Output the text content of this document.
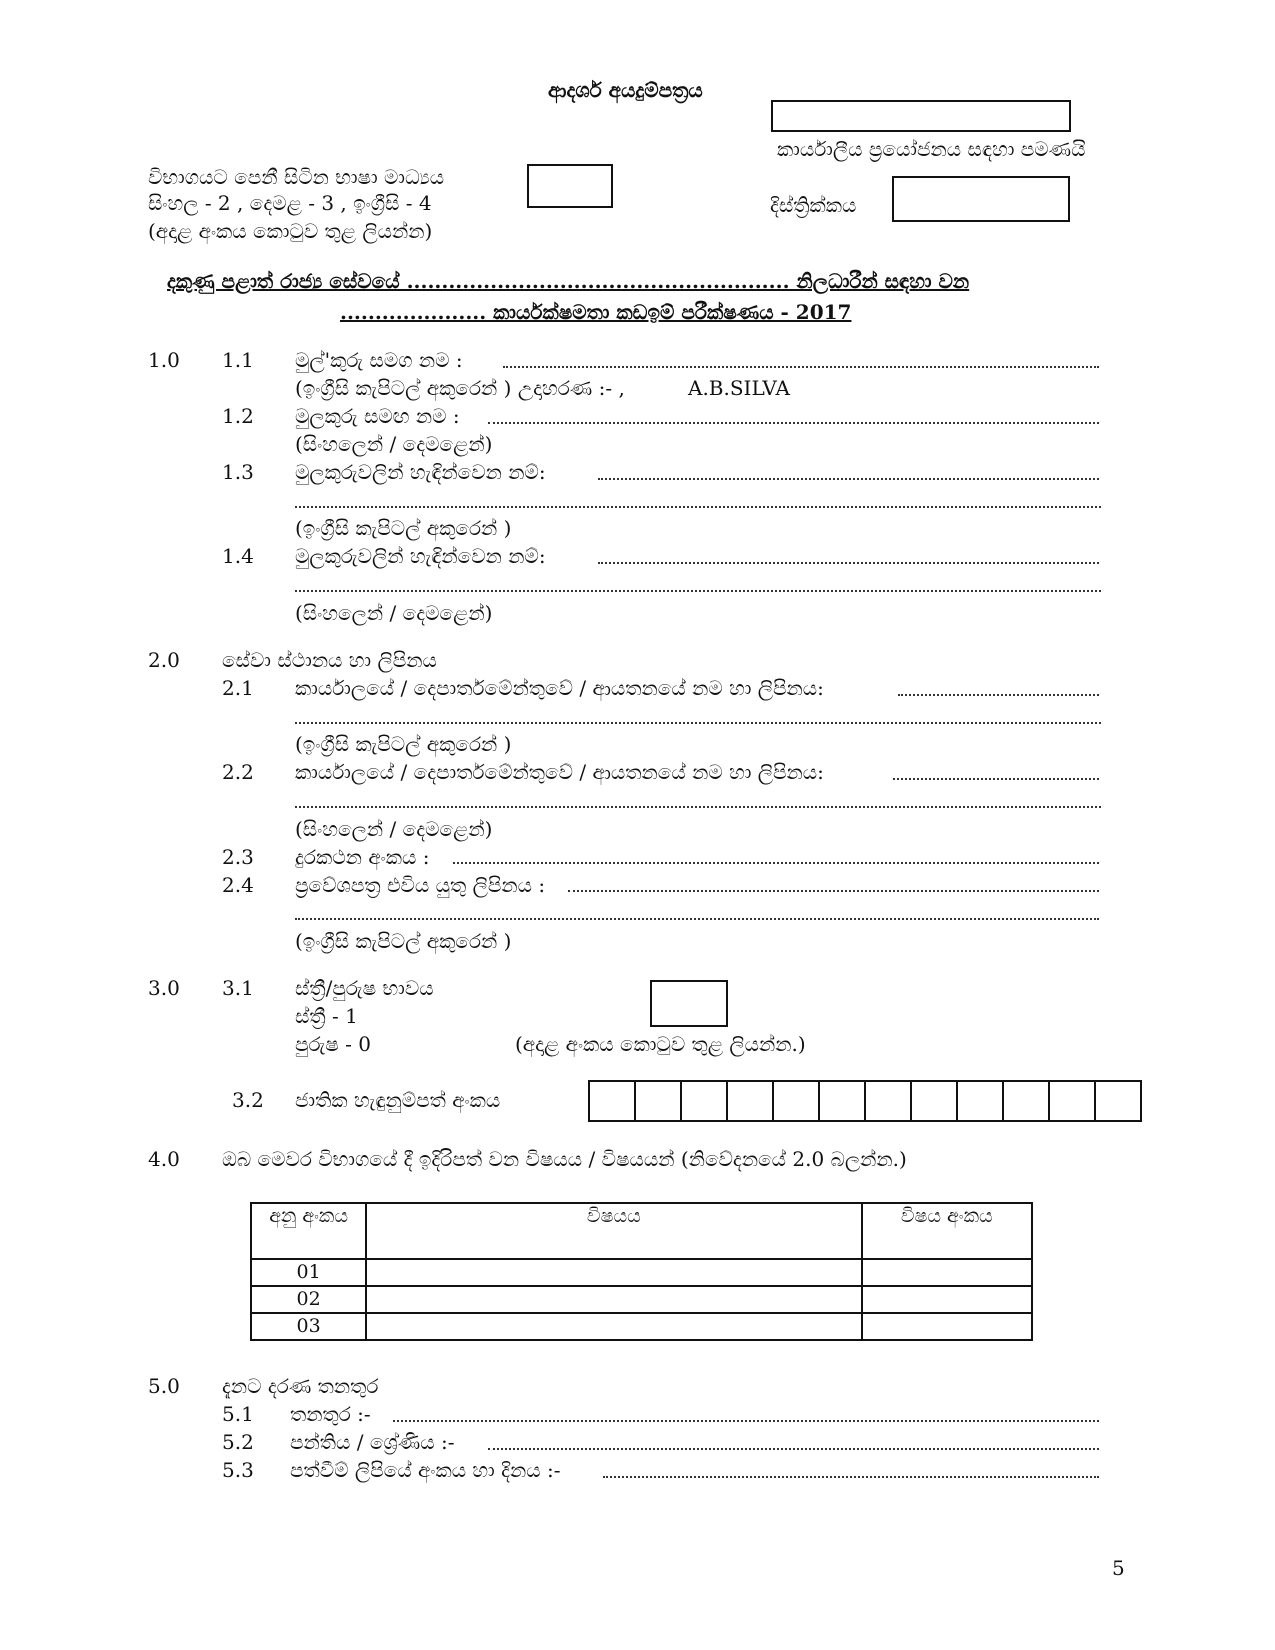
ආදර්ශ අයදුම්පත්‍රය
කාර්යාලීය ප්‍රයෝජනය සඳහා පමණයි
විභාගයට පෙනී සිටින භාෂා මාධ්‍යය
සිංහල - 2 , දෙමළ - 3 , ඉංග්‍රීසි - 4
(අදාළ අංකය කොටුව තුළ ලියන්න)
දිස්ත්‍රික්කය
දකුණු පළාත් රාජ්‍ය සේවයේ ....................................................... නිලධාරීන් සඳහා වන
..................... කාර්යක්ෂමතා කඩඉම් පරීක්ෂණය - 2017
1.0 1.1 මුල්'කුරු සමග නම :
(ඉංග්‍රීසි කැපිටල් අකුරෙන් ) උදාහරණ :- ,	A.B.SILVA
1.2 මුලකුරු සමඟ නම :
(සිංහලෙන් / දෙමළෙන්)
1.3 මුලකුරුවලින් හැඳින්වෙන නම්:
(ඉංග්‍රීසි කැපිටල් අකුරෙන් )
1.4 මුලකුරුවලින් හැඳින්වෙන නම්:
(සිංහලෙන් / දෙමළෙන්)
2.0 සේවා ස්ථානය හා ලිපිනය
2.1 කාර්යාලයේ / දෙපාර්තමේන්තුවේ / ආයතනයේ නම හා ලිපිනය:
(ඉංග්‍රීසි කැපිටල් අකුරෙන් )
2.2 කාර්යාලයේ / දෙපාර්තමේන්තුවේ / ආයතනයේ නම හා ලිපිනය:
(සිංහලෙන් / දෙමළෙන්)
2.3 දුරකථන අංකය :
2.4 ප්‍රවේශපත්‍ර එවිය යුතු ලිපිනය :
(ඉංග්‍රීසි කැපිටල් අකුරෙන් )
3.0 3.1 ස්ත්‍රී/පුරුෂ භාවය
ස්ත්‍රී - 1
පුරුෂ - 0	(අදාළ අංකය කොටුව තුළ ලියන්න.)
3.2 ජාතික හැඳුනුම්පත් අංකය

4.0 ඔබ මෙවර විභාගයේ දී ඉදිරිපත් වන විෂයය / විෂයයන් (නිවේදනයේ 2.0 බලන්න.)
අනු අංකය	විෂයය	විෂය අංකය
01		
02		
03		
5.0 දැනට දරණ තනතුර
5.1 තනතුර :-
5.2 පන්තිය / ශ්‍රේණිය :-
5.3 පත්වීම් ලිපියේ අංකය හා දිනය :-
5
